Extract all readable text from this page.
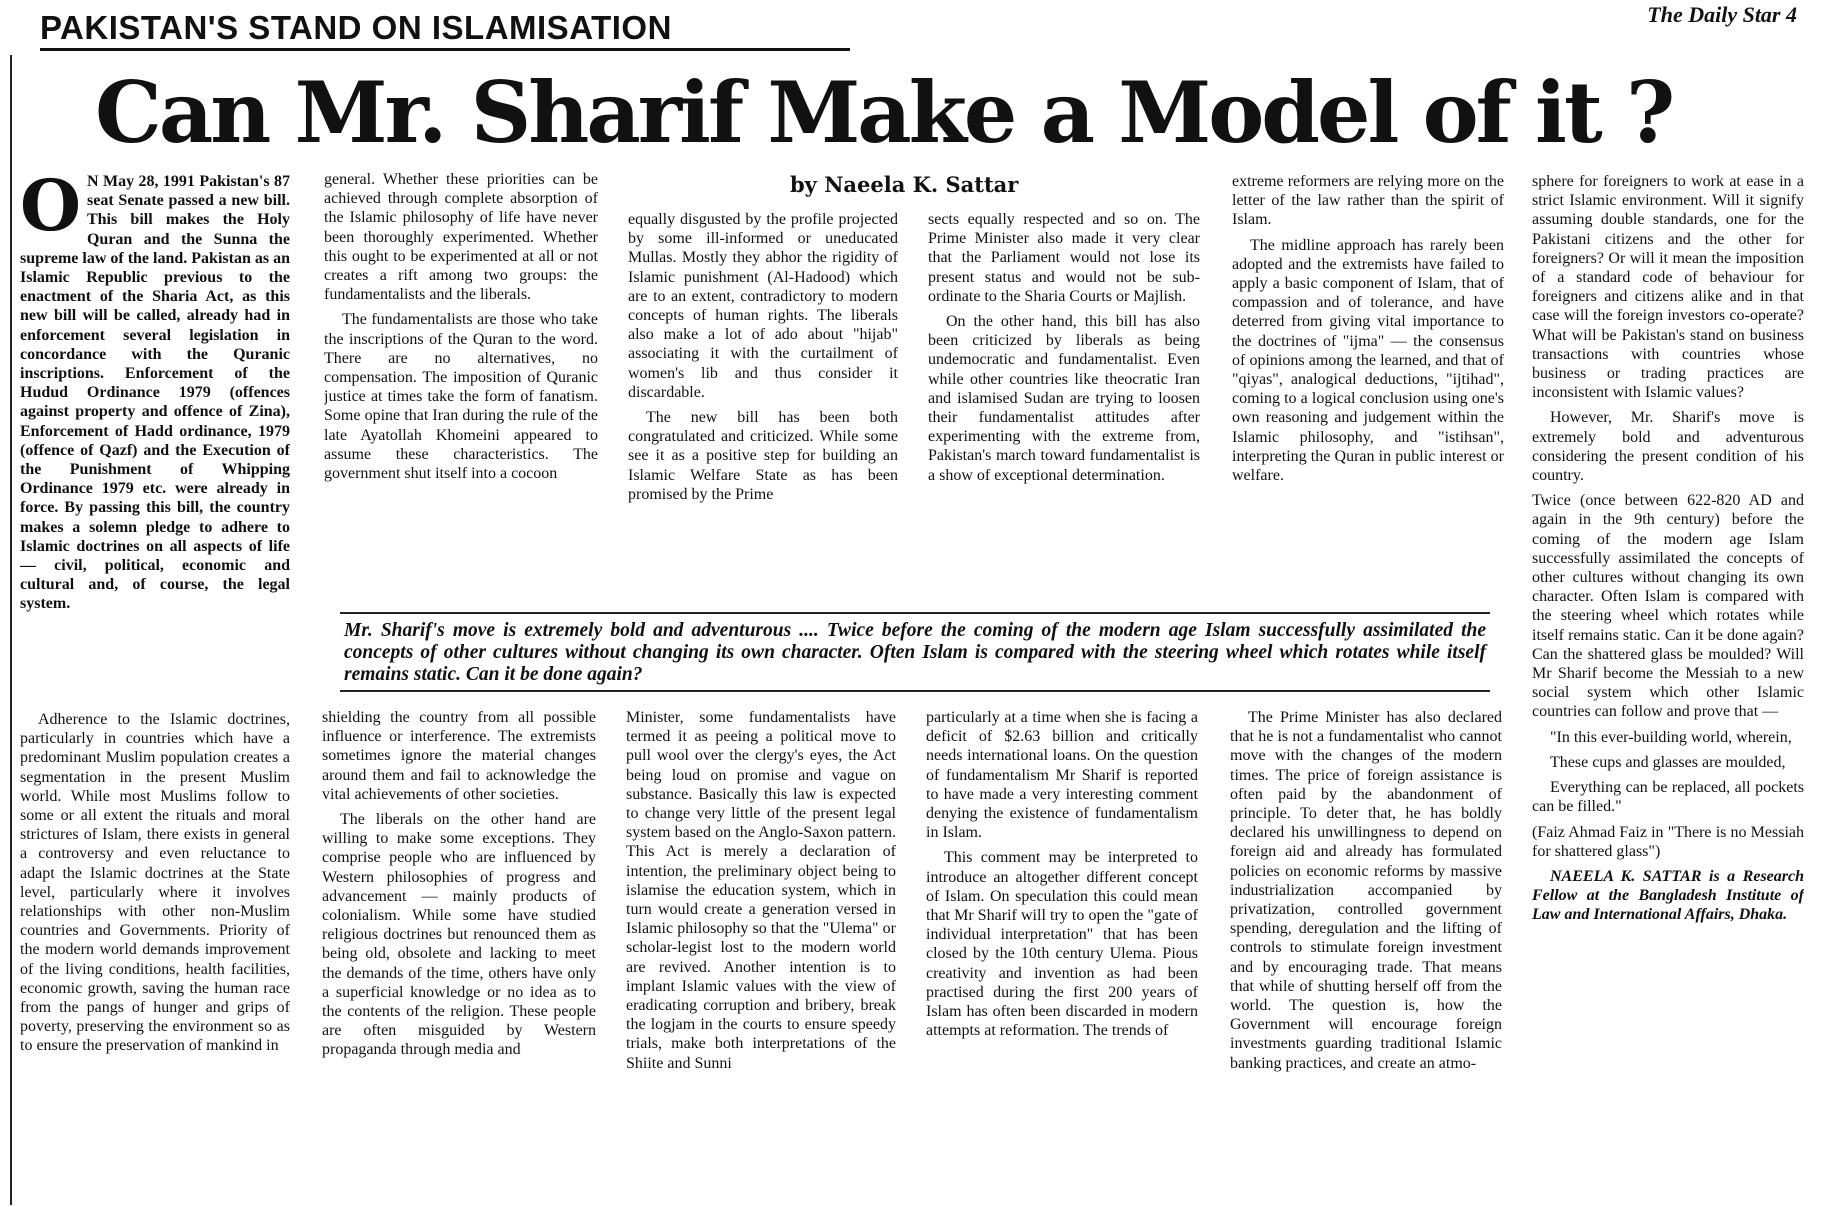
PAKISTAN'S STAND ON ISLAMISATION	The Daily Star 4
Can Mr. Sharif Make a Model of it ?
by Naeela K. Sattar

O N May 28, 1991 Pakistan's 87 seat Senate passed a new bill. This bill makes the Holy Quran and the Sunna the supreme law of the land. Pakistan as an Islamic Republic previous to the enactment of the Sharia Act, as this new bill will be called, already had in enforcement several legislation in concordance with the Quranic inscriptions. Enforcement of the Hudud Ordinance 1979 (offences against property and offence of Zina), Enforcement of Hadd ordinance, 1979 (offence of Qazf) and the Execution of the Punishment of Whipping Ordinance 1979 etc. were already in force. By passing this bill, the country makes a solemn pledge to adhere to Islamic doctrines on all aspects of life — civil, political, economic and cultural and, of course, the legal system.

Adherence to the Islamic doctrines, particularly in countries which have a predominant Muslim population creates a segmentation in the present Muslim world. While most Muslims follow to some or all extent the rituals and moral strictures of Islam, there exists in general a controversy and even reluctance to adapt the Islamic doctrines at the State level, particularly where it involves relationships with other non-Muslim countries and Governments. Priority of the modern world demands improvement of the living conditions, health facilities, economic growth, saving the human race from the pangs of hunger and grips of poverty, preserving the environment so as to ensure the preservation of mankind in

general. Whether these priorities can be achieved through complete absorption of the Islamic philosophy of life have never been thoroughly experimented. Whether this ought to be experimented at all or not creates a rift among two groups: the fundamentalists and the liberals.

The fundamentalists are those who take the inscriptions of the Quran to the word. There are no alternatives, no compensation. The imposition of Quranic justice at times take the form of fanatism. Some opine that Iran during the rule of the late Ayatollah Khomeini appeared to assume these characteristics. The government shut itself into a cocoon

shielding the country from all possible influence or interference. The extremists sometimes ignore the material changes around them and fail to acknowledge the vital achievements of other societies.

The liberals on the other hand are willing to make some exceptions. They comprise people who are influenced by Western philosophies of progress and advancement — mainly products of colonialism. While some have studied religious doctrines but renounced them as being old, obsolete and lacking to meet the demands of the time, others have only a superficial knowledge or no idea as to the contents of the religion. These people are often misguided by Western propaganda through media and

equally disgusted by the profile projected by some ill-informed or uneducated Mullas. Mostly they abhor the rigidity of Islamic punishment (Al-Hadood) which are to an extent, contradictory to modern concepts of human rights. The liberals also make a lot of ado about "hijab" associating it with the curtailment of women's lib and thus consider it discardable.

The new bill has been both congratulated and criticized. While some see it as a positive step for building an Islamic Welfare State as has been promised by the Prime

Minister, some fundamentalists have termed it as peeing a political move to pull wool over the clergy's eyes, the Act being loud on promise and vague on substance. Basically this law is expected to change very little of the present legal system based on the Anglo-Saxon pattern. This Act is merely a declaration of intention, the preliminary object being to islamise the education system, which in turn would create a generation versed in Islamic philosophy so that the "Ulema" or scholar-legist lost to the modern world are revived. Another intention is to implant Islamic values with the view of eradicating corruption and bribery, break the logjam in the courts to ensure speedy trials, make both interpretations of the Shiite and Sunni

sects equally respected and so on. The Prime Minister also made it very clear that the Parliament would not lose its present status and would not be sub-ordinate to the Sharia Courts or Majlish.

On the other hand, this bill has also been criticized by liberals as being undemocratic and fundamentalist. Even while other countries like theocratic Iran and islamised Sudan are trying to loosen their fundamentalist attitudes after experimenting with the extreme from, Pakistan's march toward fundamentalist is a show of exceptional determination.

particularly at a time when she is facing a deficit of $2.63 billion and critically needs international loans. On the question of fundamentalism Mr Sharif is reported to have made a very interesting comment denying the existence of fundamentalism in Islam.

This comment may be interpreted to introduce an altogether different concept of Islam. On speculation this could mean that Mr Sharif will try to open the "gate of individual interpretation" that has been closed by the 10th century Ulema. Pious creativity and invention as had been practised during the first 200 years of Islam has often been discarded in modern attempts at reformation. The trends of

extreme reformers are relying more on the letter of the law rather than the spirit of Islam.

The midline approach has rarely been adopted and the extremists have failed to apply a basic component of Islam, that of compassion and of tolerance, and have deterred from giving vital importance to the doctrines of "ijma" — the consensus of opinions among the learned, and that of "qiyas", analogical deductions, "ijtihad", coming to a logical conclusion using one's own reasoning and judgement within the Islamic philosophy, and "istihsan", interpreting the Quran in public interest or welfare.

The Prime Minister has also declared that he is not a fundamentalist who cannot move with the changes of the modern times. The price of foreign assistance is often paid by the abandonment of principle. To deter that, he has boldly declared his unwillingness to depend on foreign aid and already has formulated policies on economic reforms by massive industrialization accompanied by privatization, controlled government spending, deregulation and the lifting of controls to stimulate foreign investment and by encouraging trade. That means that while of shutting herself off from the world. The question is, how the Government will encourage foreign investments guarding traditional Islamic banking practices, and create an atmo-

sphere for foreigners to work at ease in a strict Islamic environment. Will it signify assuming double standards, one for the Pakistani citizens and the other for foreigners? Or will it mean the imposition of a standard code of behaviour for foreigners and citizens alike and in that case will the foreign investors co-operate? What will be Pakistan's stand on business transactions with countries whose business or trading practices are inconsistent with Islamic values?

However, Mr. Sharif's move is extremely bold and adventurous considering the present condition of his country.

Twice (once between 622-820 AD and again in the 9th century) before the coming of the modern age Islam successfully assimilated the concepts of other cultures without changing its own character. Often Islam is compared with the steering wheel which rotates while itself remains static. Can it be done again? Can the shattered glass be moulded? Will Mr Sharif become the Messiah to a new social system which other Islamic countries can follow and prove that —

"In this ever-building world, wherein,

These cups and glasses are moulded,

Everything can be replaced, all pockets can be filled."

(Faiz Ahmad Faiz in "There is no Messiah for shattered glass")

NAEELA K. SATTAR is a Research Fellow at the Bangladesh Institute of Law and International Affairs, Dhaka.

Mr. Sharif's move is extremely bold and adventurous .... Twice before the coming of the modern age Islam successfully assimilated the concepts of other cultures without changing its own character. Often Islam is compared with the steering wheel which rotates while itself remains static. Can it be done again?
